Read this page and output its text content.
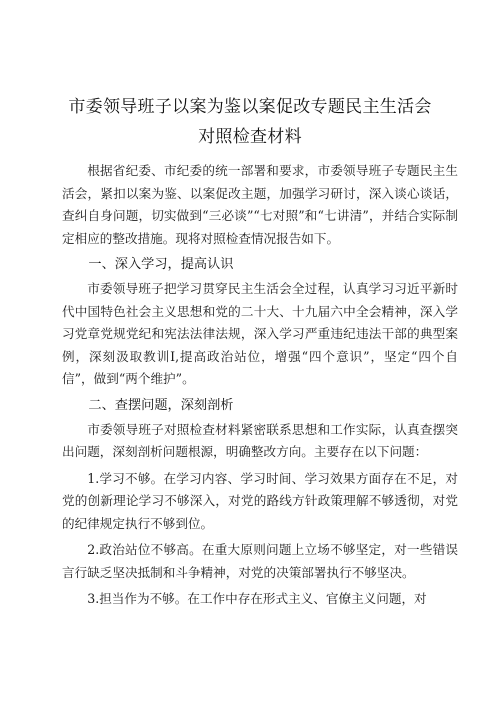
市委领导班子以案为鉴以案促改专题民主生活会对照检查材料

根据省纪委、市纪委的统一部署和要求，市委领导班子专题民主生活会，紧扣以案为鉴、以案促改主题，加强学习研讨，深入谈心谈话，查纠自身问题，切实做到“三必谈”“七对照”和“七讲清”，并结合实际制定相应的整改措施。现将对照检查情况报告如下。

一、深入学习，提高认识

市委领导班子把学习贯穿民主生活会全过程，认真学习习近平新时代中国特色社会主义思想和党的二十大、十九届六中全会精神，深入学习党章党规党纪和宪法法律法规，深入学习严重违纪违法干部的典型案例，深刻汲取教训I,提高政治站位，增强“四个意识”，坚定“四个自信”，做到“两个维护”。

二、查摆问题，深刻剖析

市委领导班子对照检查材料紧密联系思想和工作实际，认真查摆突出问题，深刻剖析问题根源，明确整改方向。主要存在以下问题：

1.学习不够。在学习内容、学习时间、学习效果方面存在不足，对党的创新理论学习不够深入，对党的路线方针政策理解不够透彻，对党的纪律规定执行不够到位。

2.政治站位不够高。在重大原则问题上立场不够坚定，对一些错误言行缺乏坚决抵制和斗争精神，对党的决策部署执行不够坚决。

3.担当作为不够。在工作中存在形式主义、官僚主义问题，对
